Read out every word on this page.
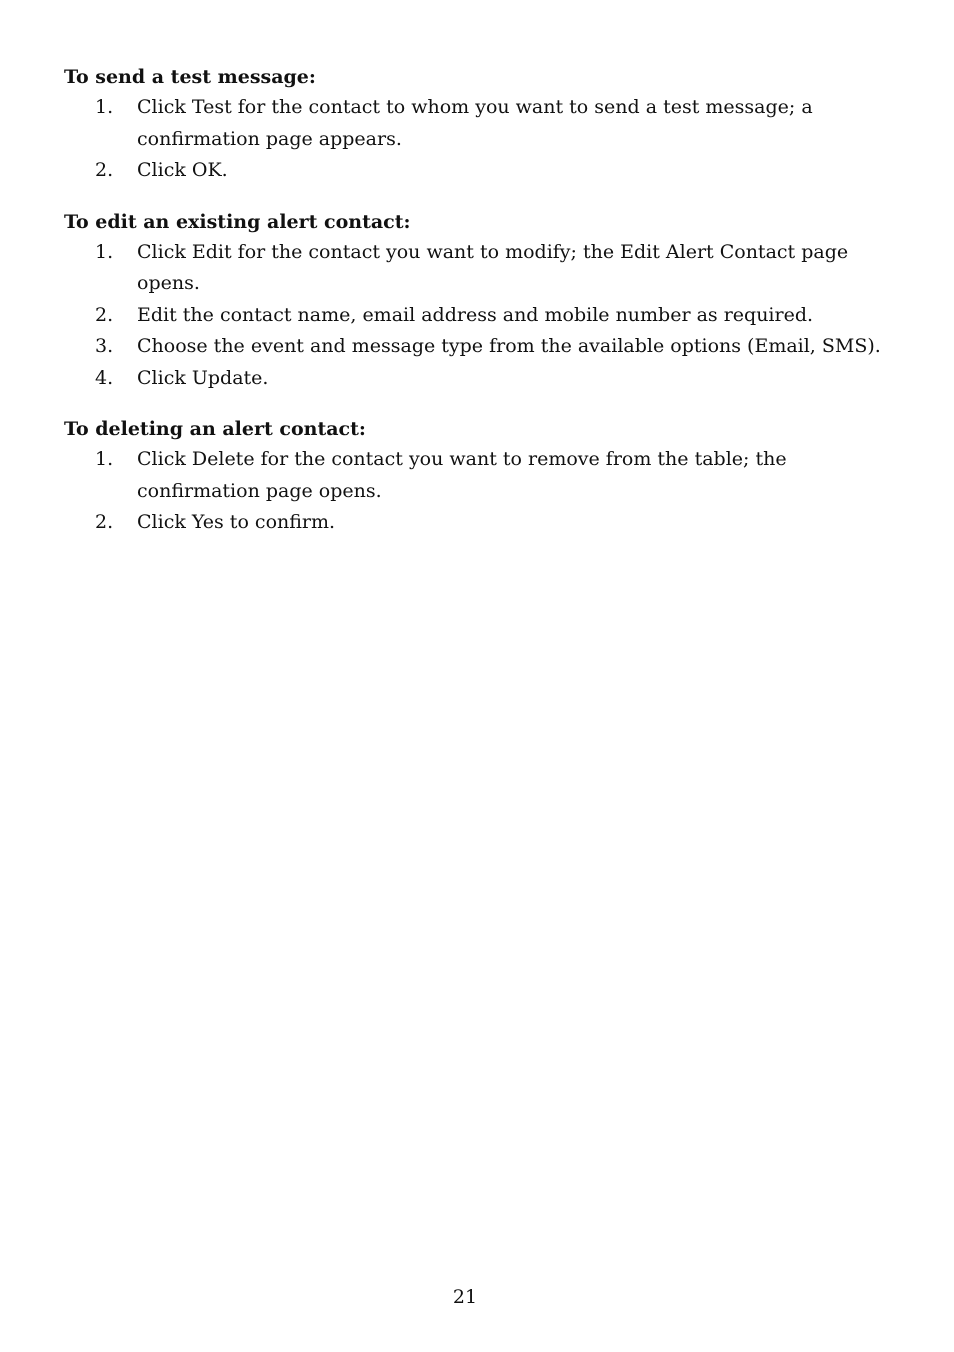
To send a test message:

1. Click Test for the contact to whom you want to send a test message; a confirmation page appears.
2. Click OK.

To edit an existing alert contact:

1. Click Edit for the contact you want to modify; the Edit Alert Contact page opens.
2. Edit the contact name, email address and mobile number as required.
3. Choose the event and message type from the available options (Email, SMS).
4. Click Update.

To deleting an alert contact:

1. Click Delete for the contact you want to remove from the table; the confirmation page opens.
2. Click Yes to confirm.
21
